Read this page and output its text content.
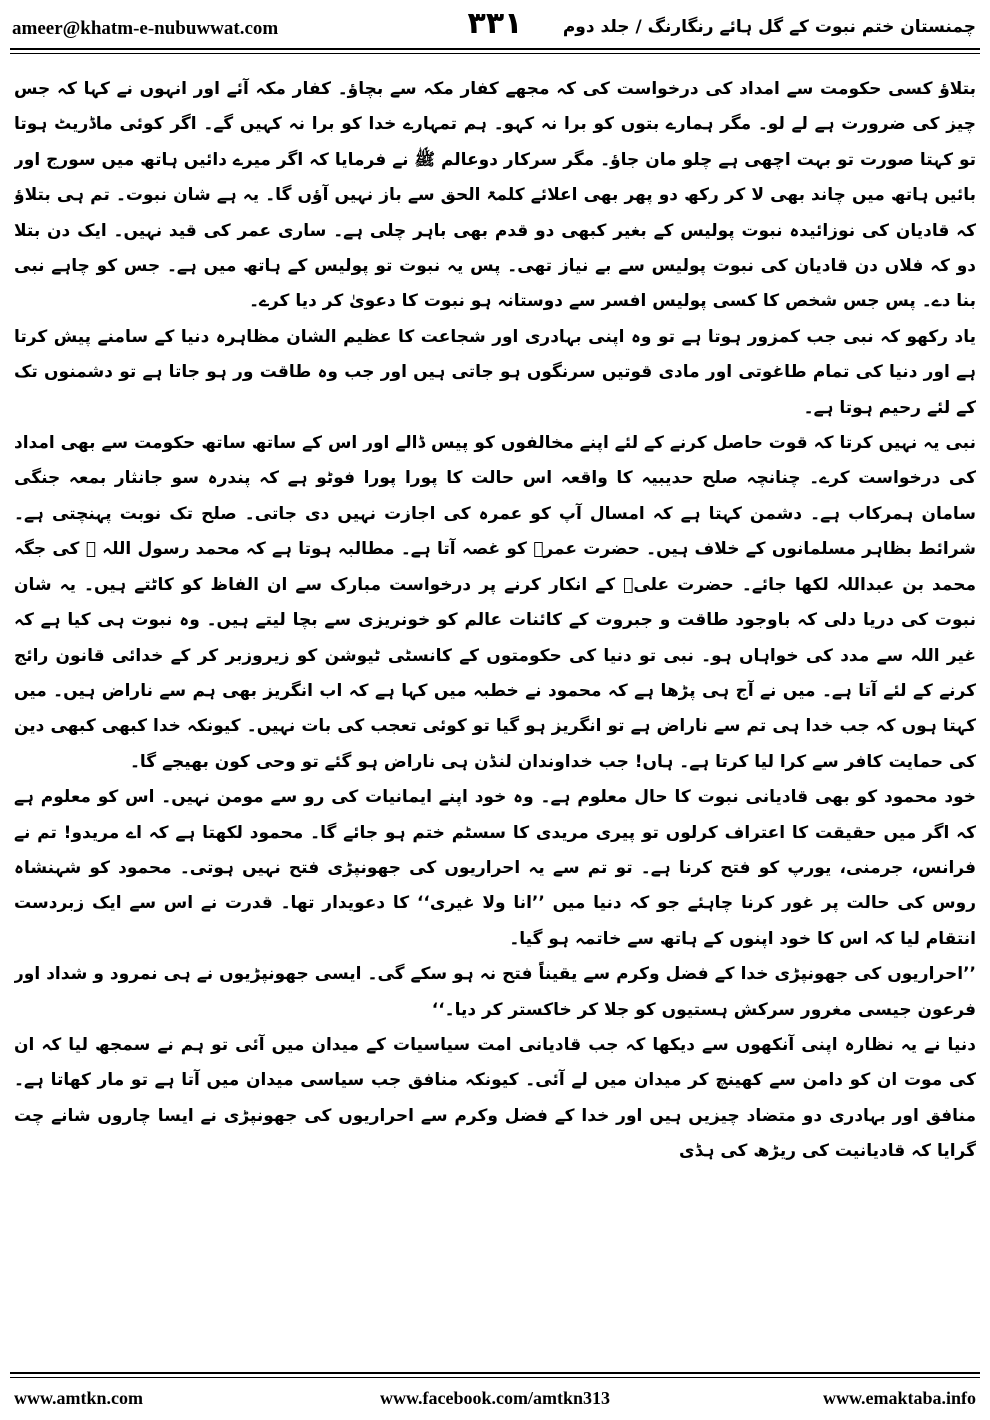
ameer@khatm-e-nubuwwat.com	۳۳۱	چمنستان ختم نبوت کے گل ہائے رنگارنگ / جلد دوم

بتلاؤ کسی حکومت سے امداد کی درخواست کی کہ مجھے کفار مکہ سے بچاؤ۔ کفار مکہ آئے اور انہوں نے کہا کہ جس چیز کی ضرورت ہے لے لو۔ مگر ہمارے بتوں کو برا نہ کہو۔ ہم تمہارے خدا کو برا نہ کہیں گے۔ اگر کوئی ماڈریٹ ہوتا تو کہتا صورت تو بہت اچھی ہے چلو مان جاؤ۔ مگر سرکار دوعالم ﷺ نے فرمایا کہ اگر میرے دائیں ہاتھ میں سورج اور بائیں ہاتھ میں چاند بھی لا کر رکھ دو پھر بھی اعلائے کلمۃ الحق سے باز نہیں آؤں گا۔ یہ ہے شان نبوت۔ تم ہی بتلاؤ کہ قادیان کی نوزائیدہ نبوت پولیس کے بغیر کبھی دو قدم بھی باہر چلی ہے۔ ساری عمر کی قید نہیں۔ ایک دن بتلا دو کہ فلاں دن قادیان کی نبوت پولیس سے بے نیاز تھی۔ پس یہ نبوت تو پولیس کے ہاتھ میں ہے۔ جس کو چاہے نبی بنا دے۔ پس جس شخص کا کسی پولیس افسر سے دوستانہ ہو نبوت کا دعویٰ کر دیا کرے۔

یاد رکھو کہ نبی جب کمزور ہوتا ہے تو وہ اپنی بہادری اور شجاعت کا عظیم الشان مظاہرہ دنیا کے سامنے پیش کرتا ہے اور دنیا کی تمام طاغوتی اور مادی قوتیں سرنگوں ہو جاتی ہیں اور جب وہ طاقت ور ہو جاتا ہے تو دشمنوں تک کے لئے رحیم ہوتا ہے۔

نبی یہ نہیں کرتا کہ قوت حاصل کرنے کے لئے اپنے مخالفوں کو پیس ڈالے اور اس کے ساتھ ساتھ حکومت سے بھی امداد کی درخواست کرے۔ چنانچہ صلح حدیبیہ کا واقعہ اس حالت کا پورا پورا فوٹو ہے کہ پندرہ سو جانثار بمعہ جنگی سامان ہمرکاب ہے۔ دشمن کہتا ہے کہ امسال آپ کو عمرہ کی اجازت نہیں دی جاتی۔ صلح تک نوبت پہنچتی ہے۔ شرائط بظاہر مسلمانوں کے خلاف ہیں۔ حضرت عمرؓ کو غصہ آتا ہے۔ مطالبہ ہوتا ہے کہ محمد رسول اللہ ﷺ کی جگہ محمد بن عبداللہ لکھا جائے۔ حضرت علیؓ کے انکار کرنے پر درخواست مبارک سے ان الفاظ کو کاٹتے ہیں۔ یہ شان نبوت کی دریا دلی کہ باوجود طاقت و جبروت کے کائنات عالم کو خونریزی سے بچا لیتے ہیں۔ وہ نبوت ہی کیا ہے کہ غیر اللہ سے مدد کی خواہاں ہو۔ نبی تو دنیا کی حکومتوں کے کانسٹی ٹیوشن کو زیروزبر کر کے خدائی قانون رائج کرنے کے لئے آتا ہے۔ میں نے آج ہی پڑھا ہے کہ محمود نے خطبہ میں کہا ہے کہ اب انگریز بھی ہم سے ناراض ہیں۔ میں کہتا ہوں کہ جب خدا ہی تم سے ناراض ہے تو انگریز ہو گیا تو کوئی تعجب کی بات نہیں۔ کیونکہ خدا کبھی کبھی دین کی حمایت کافر سے کرا لیا کرتا ہے۔ ہاں! جب خداوندان لنڈن ہی ناراض ہو گئے تو وحی کون بھیجے گا۔

خود محمود کو بھی قادیانی نبوت کا حال معلوم ہے۔ وہ خود اپنے ایمانیات کی رو سے مومن نہیں۔ اس کو معلوم ہے کہ اگر میں حقیقت کا اعتراف کرلوں تو پیری مریدی کا سسٹم ختم ہو جائے گا۔ محمود لکھتا ہے کہ اے مریدو! تم نے فرانس، جرمنی، یورپ کو فتح کرنا ہے۔ تو تم سے یہ احراریوں کی جھونپڑی فتح نہیں ہوتی۔ محمود کو شہنشاہ روس کی حالت پر غور کرنا چاہئے جو کہ دنیا میں ’’انا ولا غیری‘‘ کا دعویدار تھا۔ قدرت نے اس سے ایک زبردست انتقام لیا کہ اس کا خود اپنوں کے ہاتھ سے خاتمہ ہو گیا۔

’’احراریوں کی جھونپڑی خدا کے فضل وکرم سے یقیناً فتح نہ ہو سکے گی۔ ایسی جھونپڑیوں نے ہی نمرود و شداد اور فرعون جیسی مغرور سرکش ہستیوں کو جلا کر خاکستر کر دیا۔‘‘

دنیا نے یہ نظارہ اپنی آنکھوں سے دیکھا کہ جب قادیانی امت سیاسیات کے میدان میں آئی تو ہم نے سمجھ لیا کہ ان کی موت ان کو دامن سے کھینچ کر میدان میں لے آئی۔ کیونکہ منافق جب سیاسی میدان میں آتا ہے تو مار کھاتا ہے۔ منافق اور بہادری دو متضاد چیزیں ہیں اور خدا کے فضل وکرم سے احراریوں کی جھونپڑی نے ایسا چاروں شانے چت گرایا کہ قادیانیت کی ریڑھ کی ہڈی

www.amtkn.com	www.facebook.com/amtkn313	www.emaktaba.info
